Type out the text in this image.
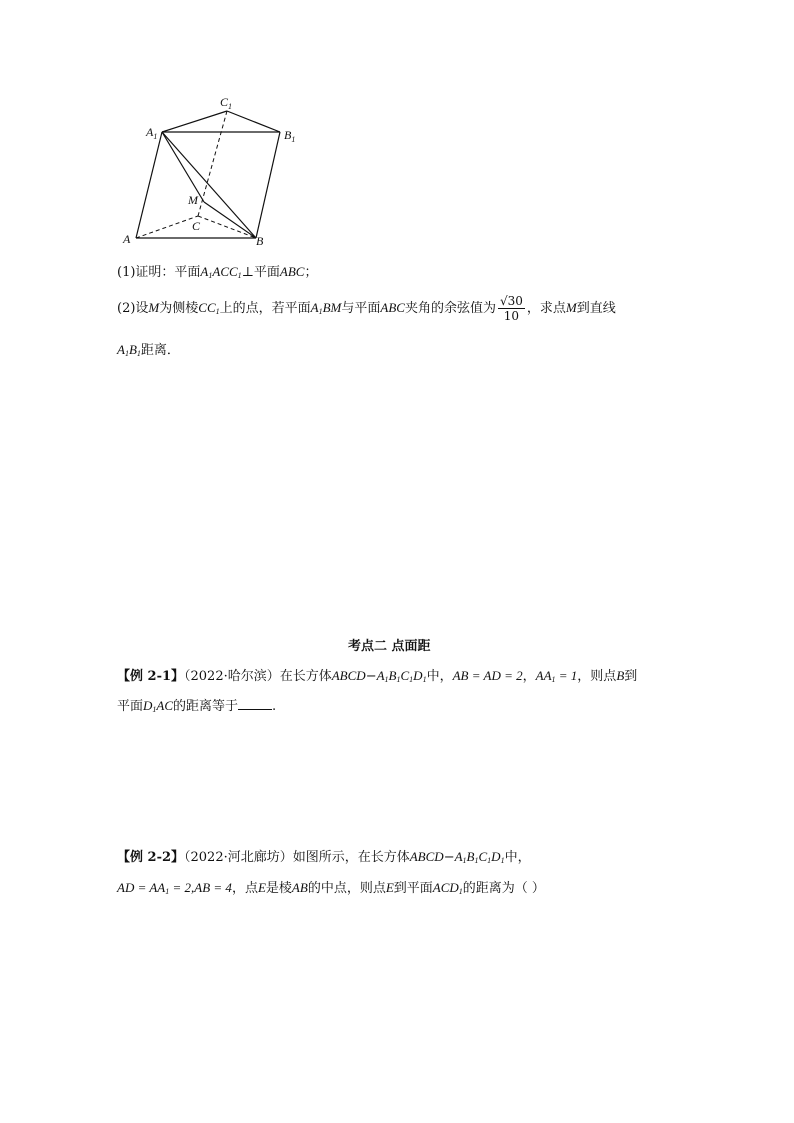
$C_1$
$A_1$	$B_1$
M
C
A	B
(1)证明：平面$A_1ACC_1\perp$平面ABC；
(2)设M为侧棱$CC_1$上的点，若平面$A_1BM$与平面ABC夹角的余弦值为 $\frac{√30}{10}$ ，求点M到直线
$A_1B_1$距离．
考点二 点面距
【例 2-1】（2022·哈尔滨）在长方体$ABCD-A_1B_1C_1D_1$中，AB = AD = 2，$AA_1 = 1$，则点B到
平面$D_1AC$的距离等于	.
【例 2-2】（2022·河北廊坊）如图所示，在长方体$ABCD-A_1B_1C_1D_1$中，
AD = $AA_1 = 2,AB = 4$，点E是棱AB的中点，则点E到平面$ACD_1$的距离为（ ）
